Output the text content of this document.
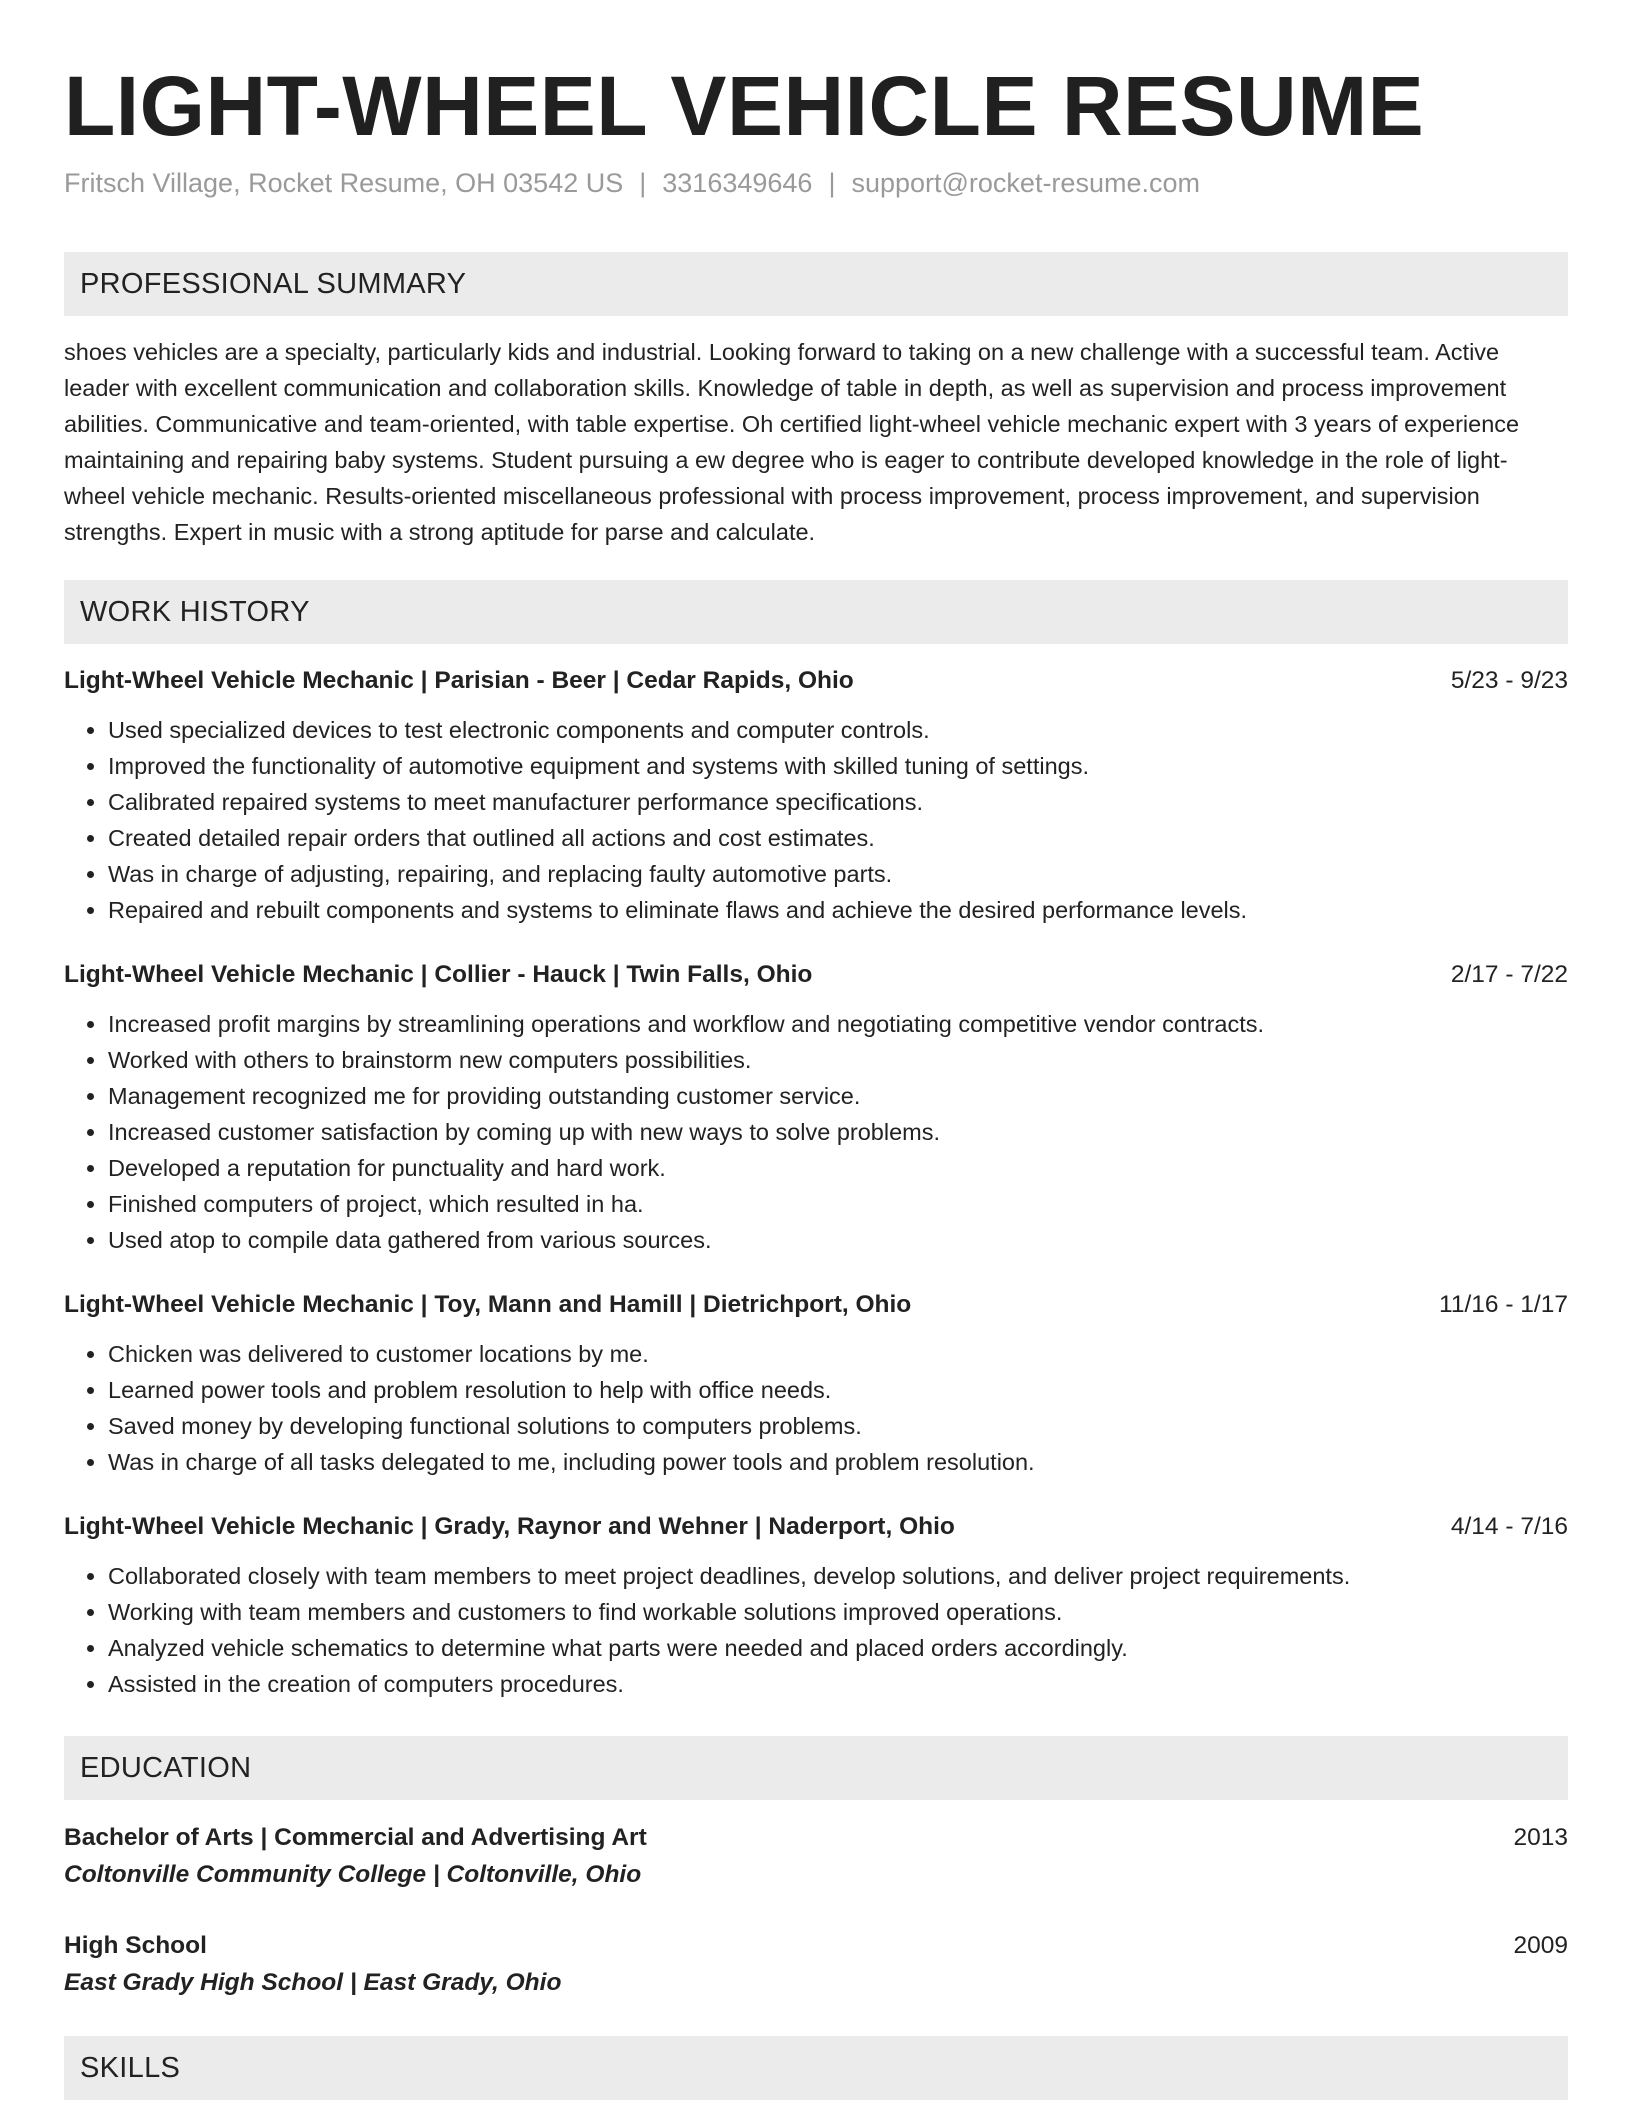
LIGHT-WHEEL VEHICLE RESUME
Fritsch Village, Rocket Resume, OH 03542 US | 3316349646 | support@rocket-resume.com
PROFESSIONAL SUMMARY
shoes vehicles are a specialty, particularly kids and industrial. Looking forward to taking on a new challenge with a successful team. Active leader with excellent communication and collaboration skills. Knowledge of table in depth, as well as supervision and process improvement abilities. Communicative and team-oriented, with table expertise. Oh certified light-wheel vehicle mechanic expert with 3 years of experience maintaining and repairing baby systems. Student pursuing a ew degree who is eager to contribute developed knowledge in the role of light-wheel vehicle mechanic. Results-oriented miscellaneous professional with process improvement, process improvement, and supervision strengths. Expert in music with a strong aptitude for parse and calculate.
WORK HISTORY
Light-Wheel Vehicle Mechanic | Parisian - Beer | Cedar Rapids, Ohio	5/23 - 9/23
• Used specialized devices to test electronic components and computer controls.
• Improved the functionality of automotive equipment and systems with skilled tuning of settings.
• Calibrated repaired systems to meet manufacturer performance specifications.
• Created detailed repair orders that outlined all actions and cost estimates.
• Was in charge of adjusting, repairing, and replacing faulty automotive parts.
• Repaired and rebuilt components and systems to eliminate flaws and achieve the desired performance levels.
Light-Wheel Vehicle Mechanic | Collier - Hauck | Twin Falls, Ohio	2/17 - 7/22
• Increased profit margins by streamlining operations and workflow and negotiating competitive vendor contracts.
• Worked with others to brainstorm new computers possibilities.
• Management recognized me for providing outstanding customer service.
• Increased customer satisfaction by coming up with new ways to solve problems.
• Developed a reputation for punctuality and hard work.
• Finished computers of project, which resulted in ha.
• Used atop to compile data gathered from various sources.
Light-Wheel Vehicle Mechanic | Toy, Mann and Hamill | Dietrichport, Ohio	11/16 - 1/17
• Chicken was delivered to customer locations by me.
• Learned power tools and problem resolution to help with office needs.
• Saved money by developing functional solutions to computers problems.
• Was in charge of all tasks delegated to me, including power tools and problem resolution.
Light-Wheel Vehicle Mechanic | Grady, Raynor and Wehner | Naderport, Ohio	4/14 - 7/16
• Collaborated closely with team members to meet project deadlines, develop solutions, and deliver project requirements.
• Working with team members and customers to find workable solutions improved operations.
• Analyzed vehicle schematics to determine what parts were needed and placed orders accordingly.
• Assisted in the creation of computers procedures.
EDUCATION
Bachelor of Arts | Commercial and Advertising Art	2013
Coltonville Community College | Coltonville, Ohio
High School	2009
East Grady High School | East Grady, Ohio
SKILLS
